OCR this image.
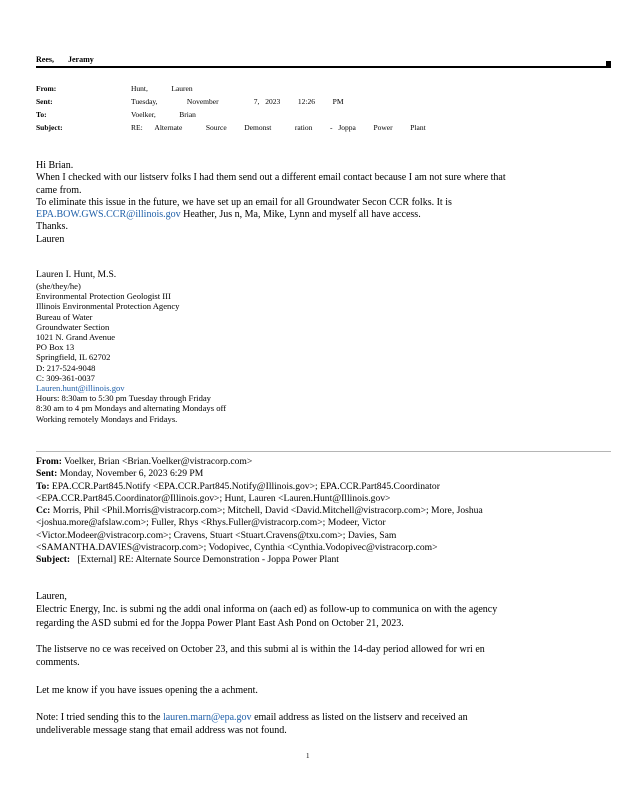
Rees,       Jeramy
From:	Hunt,    Lauren
Sent:	Tuesday,     November      7, 2023   12:26   PM
To:	Voelker,    Brian
Subject:	RE:  Alternate    Source   Demonst    ration   - Joppa   Power   Plant
Hi Brian.
When I checked with our listserv folks I had them send out a different email contact because I am not sure where that
came from.
To eliminate this issue in the future, we have set up an email for all Groundwater Secon CCR folks. It is
EPA.BOW.GWS.CCR@illinois.gov Heather, Jus n, Ma, Mike, Lynn and myself all have access.
Thanks.
Lauren
Lauren I. Hunt, M.S.
(she/they/he)
Environmental Protection Geologist III
Illinois Environmental Protection Agency
Bureau of Water
Groundwater Section
1021 N. Grand Avenue
PO Box 13
Springfield, IL 62702
D: 217-524-9048
C: 309-361-0037
Lauren.hunt@illinois.gov
Hours: 8:30am to 5:30 pm Tuesday through Friday
8:30 am to 4 pm Mondays and alternating Mondays off
Working remotely Mondays and Fridays.
From: Voelker, Brian <Brian.Voelker@vistracorp.com>
Sent: Monday, November 6, 2023 6:29 PM
To: EPA.CCR.Part845.Notify <EPA.CCR.Part845.Notify@Illinois.gov>; EPA.CCR.Part845.Coordinator
<EPA.CCR.Part845.Coordinator@Illinois.gov>; Hunt, Lauren <Lauren.Hunt@Illinois.gov>
Cc: Morris, Phil <Phil.Morris@vistracorp.com>; Mitchell, David <David.Mitchell@vistracorp.com>; More, Joshua
<joshua.more@afslaw.com>; Fuller, Rhys <Rhys.Fuller@vistracorp.com>; Modeer, Victor
<Victor.Modeer@vistracorp.com>; Cravens, Stuart <Stuart.Cravens@txu.com>; Davies, Sam
<SAMANTHA.DAVIES@vistracorp.com>; Vodopivec, Cynthia <Cynthia.Vodopivec@vistracorp.com>
Subject: [External] RE: Alternate Source Demonstration - Joppa Power Plant
Lauren,
Electric Energy, Inc. is submi ng the addi onal informa on (aach ed) as follow-up to communica on with the agency
regarding the ASD submi ed for the Joppa Power Plant East Ash Pond on October 21, 2023.
The listserve no ce was received on October 23, and this submi al is within the 14-day period allowed for wri en
comments.
Let me know if you have issues opening the a achment.
Note: I tried sending this to the lauren.marn@epa.gov email address as listed on the listserv and received an
undeliverable message stang that email address was not found.
1
